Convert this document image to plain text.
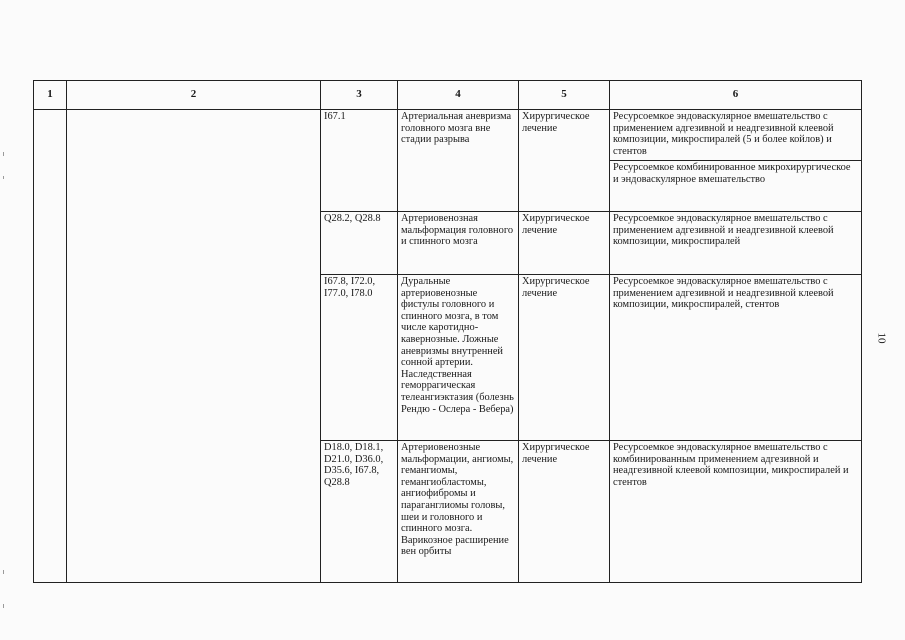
1	2	3	4	5	6
		I67.1	Артериальная аневризма головного мозга вне стадии разрыва	Хирургическое лечение	Ресурсоемкое эндоваскулярное вмешательство с применением адгезивной и неадгезивной клеевой композиции, микроспиралей (5 и более койлов) и стентов
					Ресурсоемкое комбинированное микрохирургическое и эндоваскулярное вмешательство
		Q28.2, Q28.8	Артериовенозная мальформация головного и спинного мозга	Хирургическое лечение	Ресурсоемкое эндоваскулярное вмешательство с применением адгезивной и неадгезивной клеевой композиции, микроспиралей
		I67.8, I72.0, I77.0, I78.0	Дуральные артериовенозные фистулы головного и спинного мозга, в том числе каротидно-кавернозные. Ложные аневризмы внутренней сонной артерии. Наследственная геморрагическая телеангиэктазия (болезнь Рендю - Ослера - Вебера)	Хирургическое лечение	Ресурсоемкое эндоваскулярное вмешательство с применением адгезивной и неадгезивной клеевой композиции, микроспиралей, стентов
		D18.0, D18.1, D21.0, D36.0, D35.6, I67.8, Q28.8	Артериовенозные мальформации, ангиомы, гемангиомы, гемангиобластомы, ангиофибромы и параганглиомы головы, шеи и головного и спинного мозга. Варикозное расширение вен орбиты	Хирургическое лечение	Ресурсоемкое эндоваскулярное вмешательство с комбинированным применением адгезивной и неадгезивной клеевой композиции, микроспиралей и стентов
10
